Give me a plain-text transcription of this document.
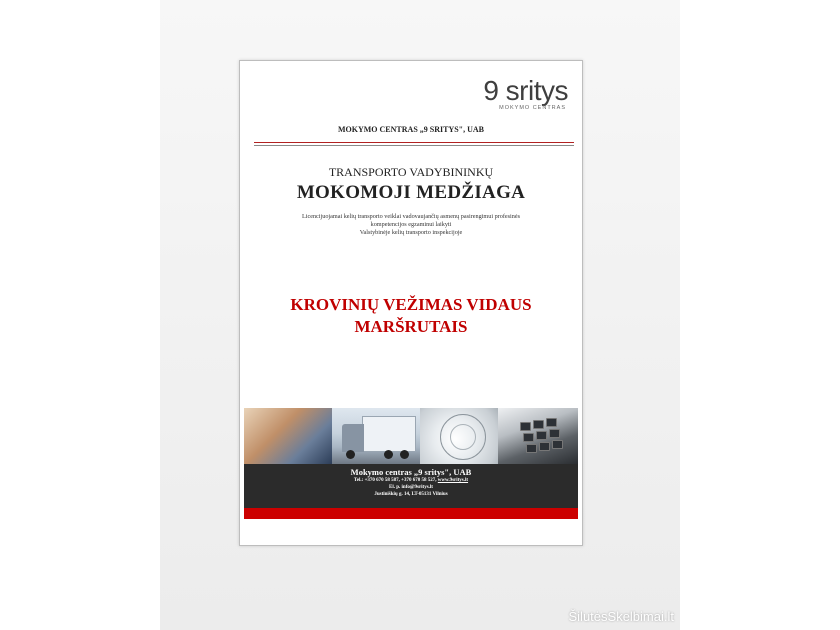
9 sritys
MOKYMO CENTRAS
MOKYMO CENTRAS „9 SRITYS", UAB
TRANSPORTO VADYBININKŲ
MOKOMOJI MEDŽIAGA
Licencijuojamai kelių transporto veiklai vadovaujančių asmenų pasirengimui profesinės
kompetencijos egzaminui laikyti
Valstybinėje kelių transporto inspekcijoje
KROVINIŲ VEŽIMAS VIDAUS
MARŠRUTAIS
Mokymo centras „9 sritys", UAB
Tel.: +370 670 58 587, +370 670 58 527, www.9sritys.lt
El. p. info@9sritys.lt
Justiniškių g. 14, LT-05131 Vilnius
ŠilutėsSkelbimai.lt
